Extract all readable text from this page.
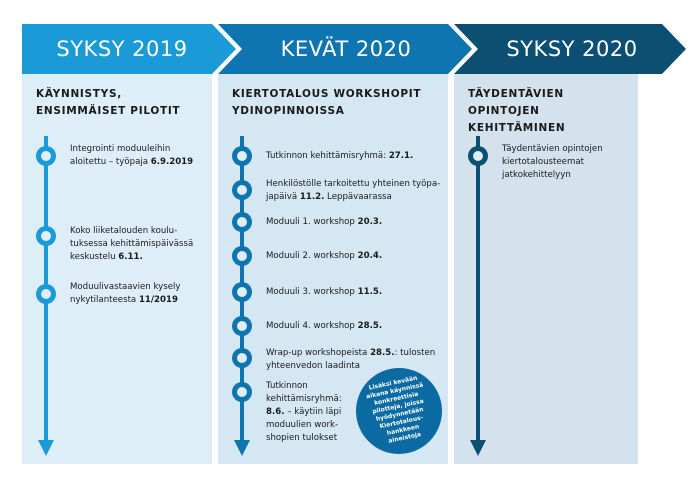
SYKSY 2019	KEVÄT 2020	SYKSY 2020
KÄYNNISTYS,
ENSIMMÄISET PILOTIT
Integrointi moduuleihin
aloitettu – työpaja 6.9.2019
Koko liiketalouden koulu-
tuksessa kehittämispäivässä
keskustelu 6.11.
Moduulivastaavien kysely
nykytilanteesta 11/2019
KIERTOTALOUS WORKSHOPIT
YDINOPINNOISSA
Tutkinnon kehittämisryhmä: 27.1.
Henkilöstölle tarkoitettu yhteinen työpa-
japäivä 11.2. Leppävaarassa
Moduuli 1. workshop 20.3.
Moduuli 2. workshop 20.4.
Moduuli 3. workshop 11.5.
Moduuli 4. workshop 28.5.
Wrap-up workshopeista 28.5.: tulosten
yhteenvedon laadinta
Tutkinnon
kehittämisryhmä:
8.6. – käytiin läpi
moduulien work-
shopien tulokset
Lisäksi kevään aikana käynnissä konkreettisia pilotteja, joissa hyödynnetään Kiertotalous-hankkeen aineistoja
TÄYDENTÄVIEN OPINTOJEN
KEHITTÄMINEN
Täydentävien opintojen
kiertotalousteemat
jatkokehittelyyn
